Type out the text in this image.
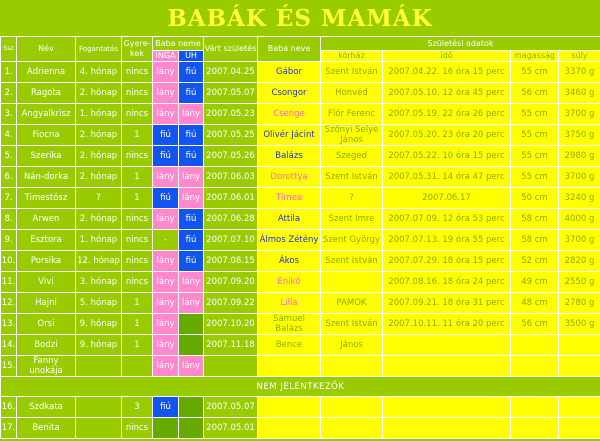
BABÁK ÉS MAMÁK
Ssz	Név	Fogantatás	Gyere-kek	Baba neme		Várt születés	Baba neve	Születési adatok			
				INGA	UH			kórház	idő	magasság	súly
1.	Adrienna	4. hónap	nincs	lány	fiú	2007.04.25	Gábor	Szent István	2007.04.22. 16 óra 15 perc	55 cm	3370 g
2.	Ragota	2. hónap	nincs	lány	fiú	2007.05.07	Csongor	Honvéd	2007.05.10. 12 óra 45 perc	56 cm	3460 g
3.	Angyalkrisz	1. hónap	nincs	lány	lány	2007.05.23	Csenge	Flór Ferenc	2007.05.19. 22 óra 26 perc	55 cm	3700 g
4.	Fiocna	2. hónap	1	fiú	fiú	2007.05.25	Olivér Jácint	Szőnyi Selye János	2007.05.20. 23 óra 20 perc	55 cm	3750 g
5.	Szerika	2. hónap	nincs	fiú	fiú	2007.05.26	Balázs	Szeged	2007.05.22. 10 óra 15 perc	55 cm	2980 g
6.	Nán-dorka	2. hónap	1	lány	lány	2007.06.03	Dorottya	Szent István	2007.05.31. 14 óra 47 perc	55 cm	3700 g
7.	Timestósz	?	1	fiú	lány	2007.06.01	Tímea	?	2007.06.17	50 cm	3240 g
8.	Arwen	2. hónap	nincs	lány	fiú	2007.06.28	Attila	Szent Imre	2007.07.09. 12 óra 53 perc	58 cm	4000 g
9.	Esztora	1. hónap	nincs	-	fiú	2007.07.10	Álmos Zétény	Szent György	2007.07.13. 19 óra 55 perc	58 cm	3700 g
10.	Porsika	12. hónap	nincs	lány	fiú	2007.08.15	Ákos	Szent István	2007.07.29. 18 óra 15 perc	52 cm	2820 g
11.	Vivi	3. hónap	nincs	lány	lány	2007.09.20	Enikő		2007.08.16. 18 óra 24 perc	49 cm	2550 g
12.	Hajni	5. hónap	1	lány	lány	2007.09.22	Lilla	PAMOK	2007.09.21. 18 óra 31 perc	48 cm	2780 g
13.	Orsi	9. hónap	1	lány		2007.10.20	Sámuel Balázs	Szent István	2007.10.11. 11 óra 20 perc	56 cm	3500 g
14.	Bodzi	9. hónap	1	lány		2007.11.18	Bence	János			
15.	Fanny unokája			lány	lány						
NEM JELENTKEZŐK											
16.	Szdkata		3	fiú		2007.05.07					
17.	Benita		nincs			2007.05.01					
